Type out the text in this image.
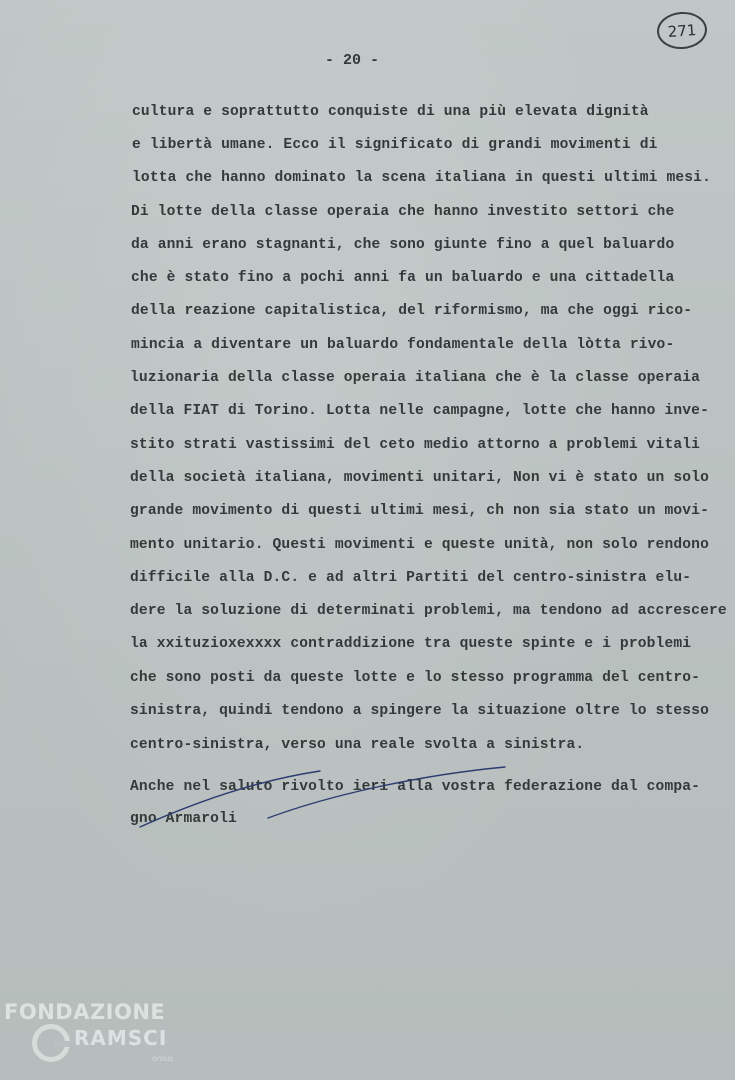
271
- 20 -
cultura e soprattutto conquiste di una più elevata dignità
e libertà umane. Ecco il significato di grandi movimenti di
lotta che hanno dominato la scena italiana in questi ultimi mesi.
Di lotte della classe operaia che hanno investito settori che
da anni erano stagnanti, che sono giunte fino a quel baluardo
che è stato fino a pochi anni fa un baluardo e una cittadella
della reazione capitalistica, del riformismo, ma che oggi rico-
mincia a diventare un baluardo fondamentale della lòtta rivo-
luzionaria della classe operaia italiana che è la classe operaia
della FIAT di Torino. Lotta nelle campagne, lotte che hanno inve-
stito strati vastissimi del ceto medio attorno a problemi vitali
della società italiana, movimenti unitari, Non vi è stato un solo
grande movimento di questi ultimi mesi, ch non sia stato un movi-
mento unitario. Questi movimenti e queste unità, non solo rendono
difficile alla D.C. e ad altri Partiti del centro-sinistra elu-
dere la soluzione di determinati problemi, ma tendono ad accrescere
la xxituzioxexxxx contraddizione tra queste spinte e i problemi
che sono posti da queste lotte e lo stesso programma del centro-
sinistra, quindi tendono a spingere la situazione oltre lo stesso
centro-sinistra, verso una reale svolta a sinistra.
Anche nel saluto rivolto ieri alla vostra federazione dal compa-
gno Armaroli
FONDAZIONE
RAMSCI
onlus
